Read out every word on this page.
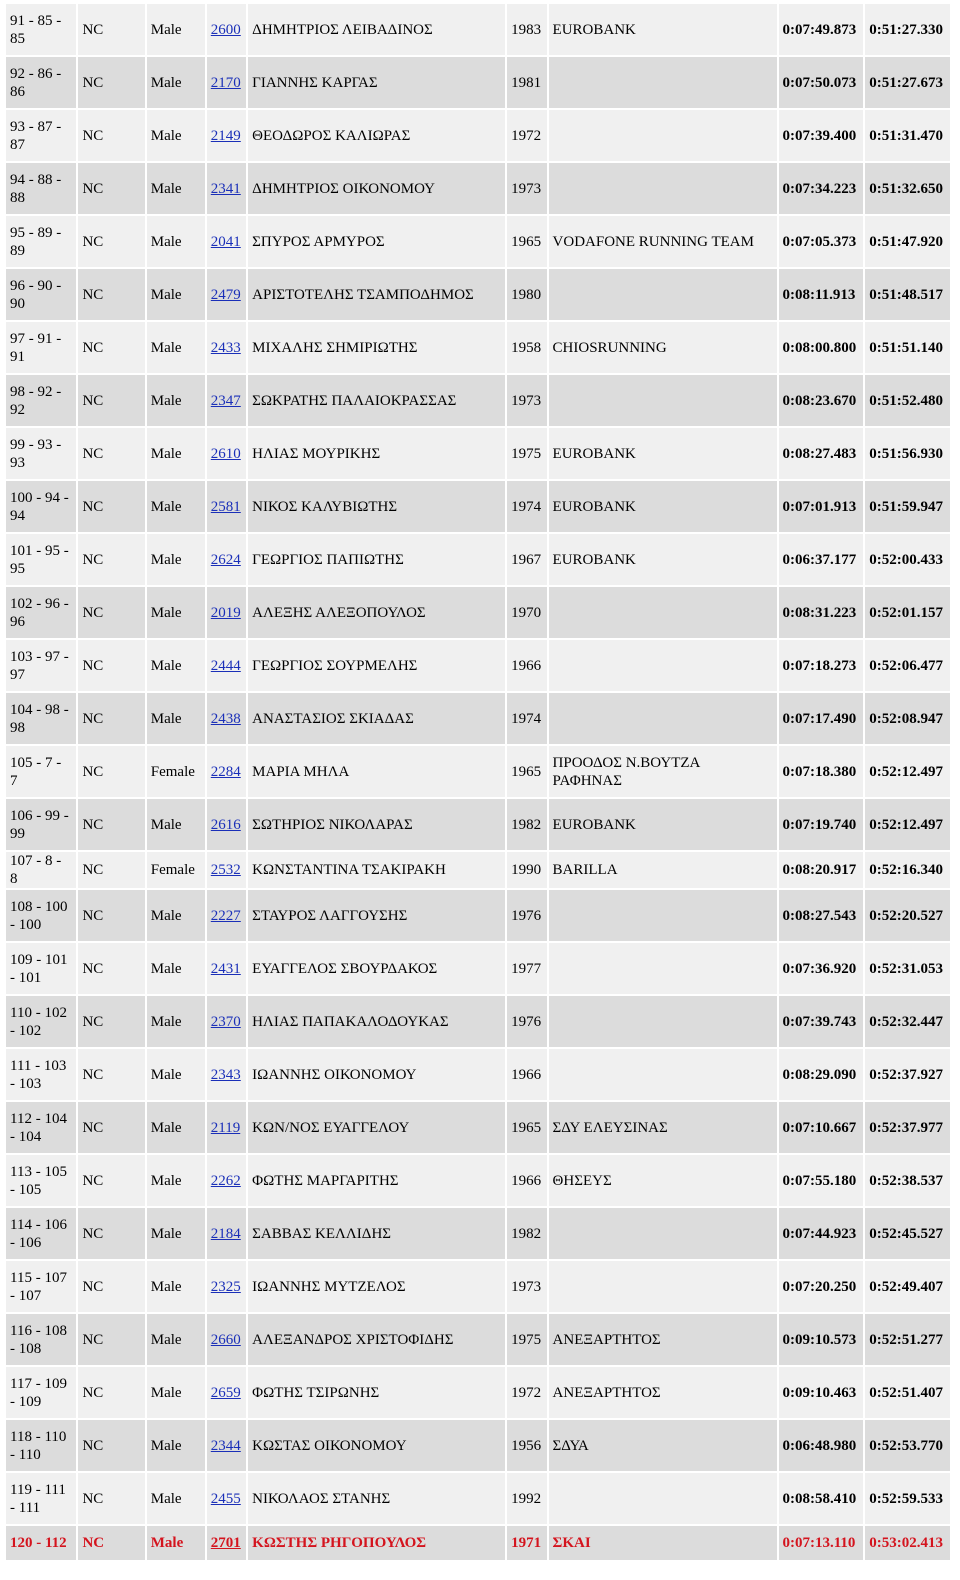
91 - 85 - 85	NC	Male	2600	ΔΗΜΗΤΡΙΟΣ ΛΕΙΒΑΔΙΝΟΣ	1983	EUROBANK	0:07:49.873	0:51:27.330
92 - 86 - 86	NC	Male	2170	ΓΙΑΝΝΗΣ ΚΑΡΓΑΣ	1981		0:07:50.073	0:51:27.673
93 - 87 - 87	NC	Male	2149	ΘΕΟΔΩΡΟΣ ΚΑΛΙΩΡΑΣ	1972		0:07:39.400	0:51:31.470
94 - 88 - 88	NC	Male	2341	ΔΗΜΗΤΡΙΟΣ ΟΙΚΟΝΟΜΟΥ	1973		0:07:34.223	0:51:32.650
95 - 89 - 89	NC	Male	2041	ΣΠΥΡΟΣ ΑΡΜΥΡΟΣ	1965	VODAFONE RUNNING TEAM	0:07:05.373	0:51:47.920
96 - 90 - 90	NC	Male	2479	ΑΡΙΣΤΟΤΕΛΗΣ ΤΣΑΜΠΟΔΗΜΟΣ	1980		0:08:11.913	0:51:48.517
97 - 91 - 91	NC	Male	2433	ΜΙΧΑΛΗΣ ΣΗΜΙΡΙΩΤΗΣ	1958	CHIOSRUNNING	0:08:00.800	0:51:51.140
98 - 92 - 92	NC	Male	2347	ΣΩΚΡΑΤΗΣ ΠΑΛΑΙΟΚΡΑΣΣΑΣ	1973		0:08:23.670	0:51:52.480
99 - 93 - 93	NC	Male	2610	ΗΛΙΑΣ ΜΟΥΡΙΚΗΣ	1975	EUROBANK	0:08:27.483	0:51:56.930
100 - 94 - 94	NC	Male	2581	ΝΙΚΟΣ ΚΑΛΥΒΙΩΤΗΣ	1974	EUROBANK	0:07:01.913	0:51:59.947
101 - 95 - 95	NC	Male	2624	ΓΕΩΡΓΙΟΣ ΠΑΠΙΩΤΗΣ	1967	EUROBANK	0:06:37.177	0:52:00.433
102 - 96 - 96	NC	Male	2019	ΑΛΕΞΗΣ ΑΛΕΞΟΠΟΥΛΟΣ	1970		0:08:31.223	0:52:01.157
103 - 97 - 97	NC	Male	2444	ΓΕΩΡΓΙΟΣ ΣΟΥΡΜΕΛΗΣ	1966		0:07:18.273	0:52:06.477
104 - 98 - 98	NC	Male	2438	ΑΝΑΣΤΑΣΙΟΣ ΣΚΙΑΔΑΣ	1974		0:07:17.490	0:52:08.947
105 - 7 - 7	NC	Female	2284	ΜΑΡΙΑ ΜΗΛΑ	1965	ΠΡΟΟΔΟΣ Ν.ΒΟΥΤΖΑ ΡΑΦΗΝΑΣ	0:07:18.380	0:52:12.497
106 - 99 - 99	NC	Male	2616	ΣΩΤΗΡΙΟΣ ΝΙΚΟΛΑΡΑΣ	1982	EUROBANK	0:07:19.740	0:52:12.497
107 - 8 - 8	NC	Female	2532	ΚΩΝΣΤΑΝΤΙΝΑ ΤΣΑΚΙΡΑΚΗ	1990	BARILLA	0:08:20.917	0:52:16.340
108 - 100 - 100	NC	Male	2227	ΣΤΑΥΡΟΣ ΛΑΓΓΟΥΣΗΣ	1976		0:08:27.543	0:52:20.527
109 - 101 - 101	NC	Male	2431	ΕΥΑΓΓΕΛΟΣ ΣΒΟΥΡΔΑΚΟΣ	1977		0:07:36.920	0:52:31.053
110 - 102 - 102	NC	Male	2370	ΗΛΙΑΣ ΠΑΠΑΚΑΛΟΔΟΥΚΑΣ	1976		0:07:39.743	0:52:32.447
111 - 103 - 103	NC	Male	2343	ΙΩΑΝΝΗΣ ΟΙΚΟΝΟΜΟΥ	1966		0:08:29.090	0:52:37.927
112 - 104 - 104	NC	Male	2119	ΚΩΝ/ΝΟΣ ΕΥΑΓΓΕΛΟΥ	1965	ΣΔΥ ΕΛΕΥΣΙΝΑΣ	0:07:10.667	0:52:37.977
113 - 105 - 105	NC	Male	2262	ΦΩΤΗΣ ΜΑΡΓΑΡΙΤΗΣ	1966	ΘΗΣΕΥΣ	0:07:55.180	0:52:38.537
114 - 106 - 106	NC	Male	2184	ΣΑΒΒΑΣ ΚΕΛΛΙΔΗΣ	1982		0:07:44.923	0:52:45.527
115 - 107 - 107	NC	Male	2325	ΙΩΑΝΝΗΣ ΜΥΤΖΕΛΟΣ	1973		0:07:20.250	0:52:49.407
116 - 108 - 108	NC	Male	2660	ΑΛΕΞΑΝΔΡΟΣ ΧΡΙΣΤΟΦΙΔΗΣ	1975	ΑΝΕΞΑΡΤΗΤΟΣ	0:09:10.573	0:52:51.277
117 - 109 - 109	NC	Male	2659	ΦΩΤΗΣ ΤΣΙΡΩΝΗΣ	1972	ΑΝΕΞΑΡΤΗΤΟΣ	0:09:10.463	0:52:51.407
118 - 110 - 110	NC	Male	2344	ΚΩΣΤΑΣ ΟΙΚΟΝΟΜΟΥ	1956	ΣΔΥΑ	0:06:48.980	0:52:53.770
119 - 111 - 111	NC	Male	2455	ΝΙΚΟΛΑΟΣ ΣΤΑΝΗΣ	1992		0:08:58.410	0:52:59.533
120 - 112	NC	Male	2701	ΚΩΣΤΗΣ ΡΗΓΟΠΟΥΛΟΣ	1971	ΣΚΑΙ	0:07:13.110	0:53:02.413
